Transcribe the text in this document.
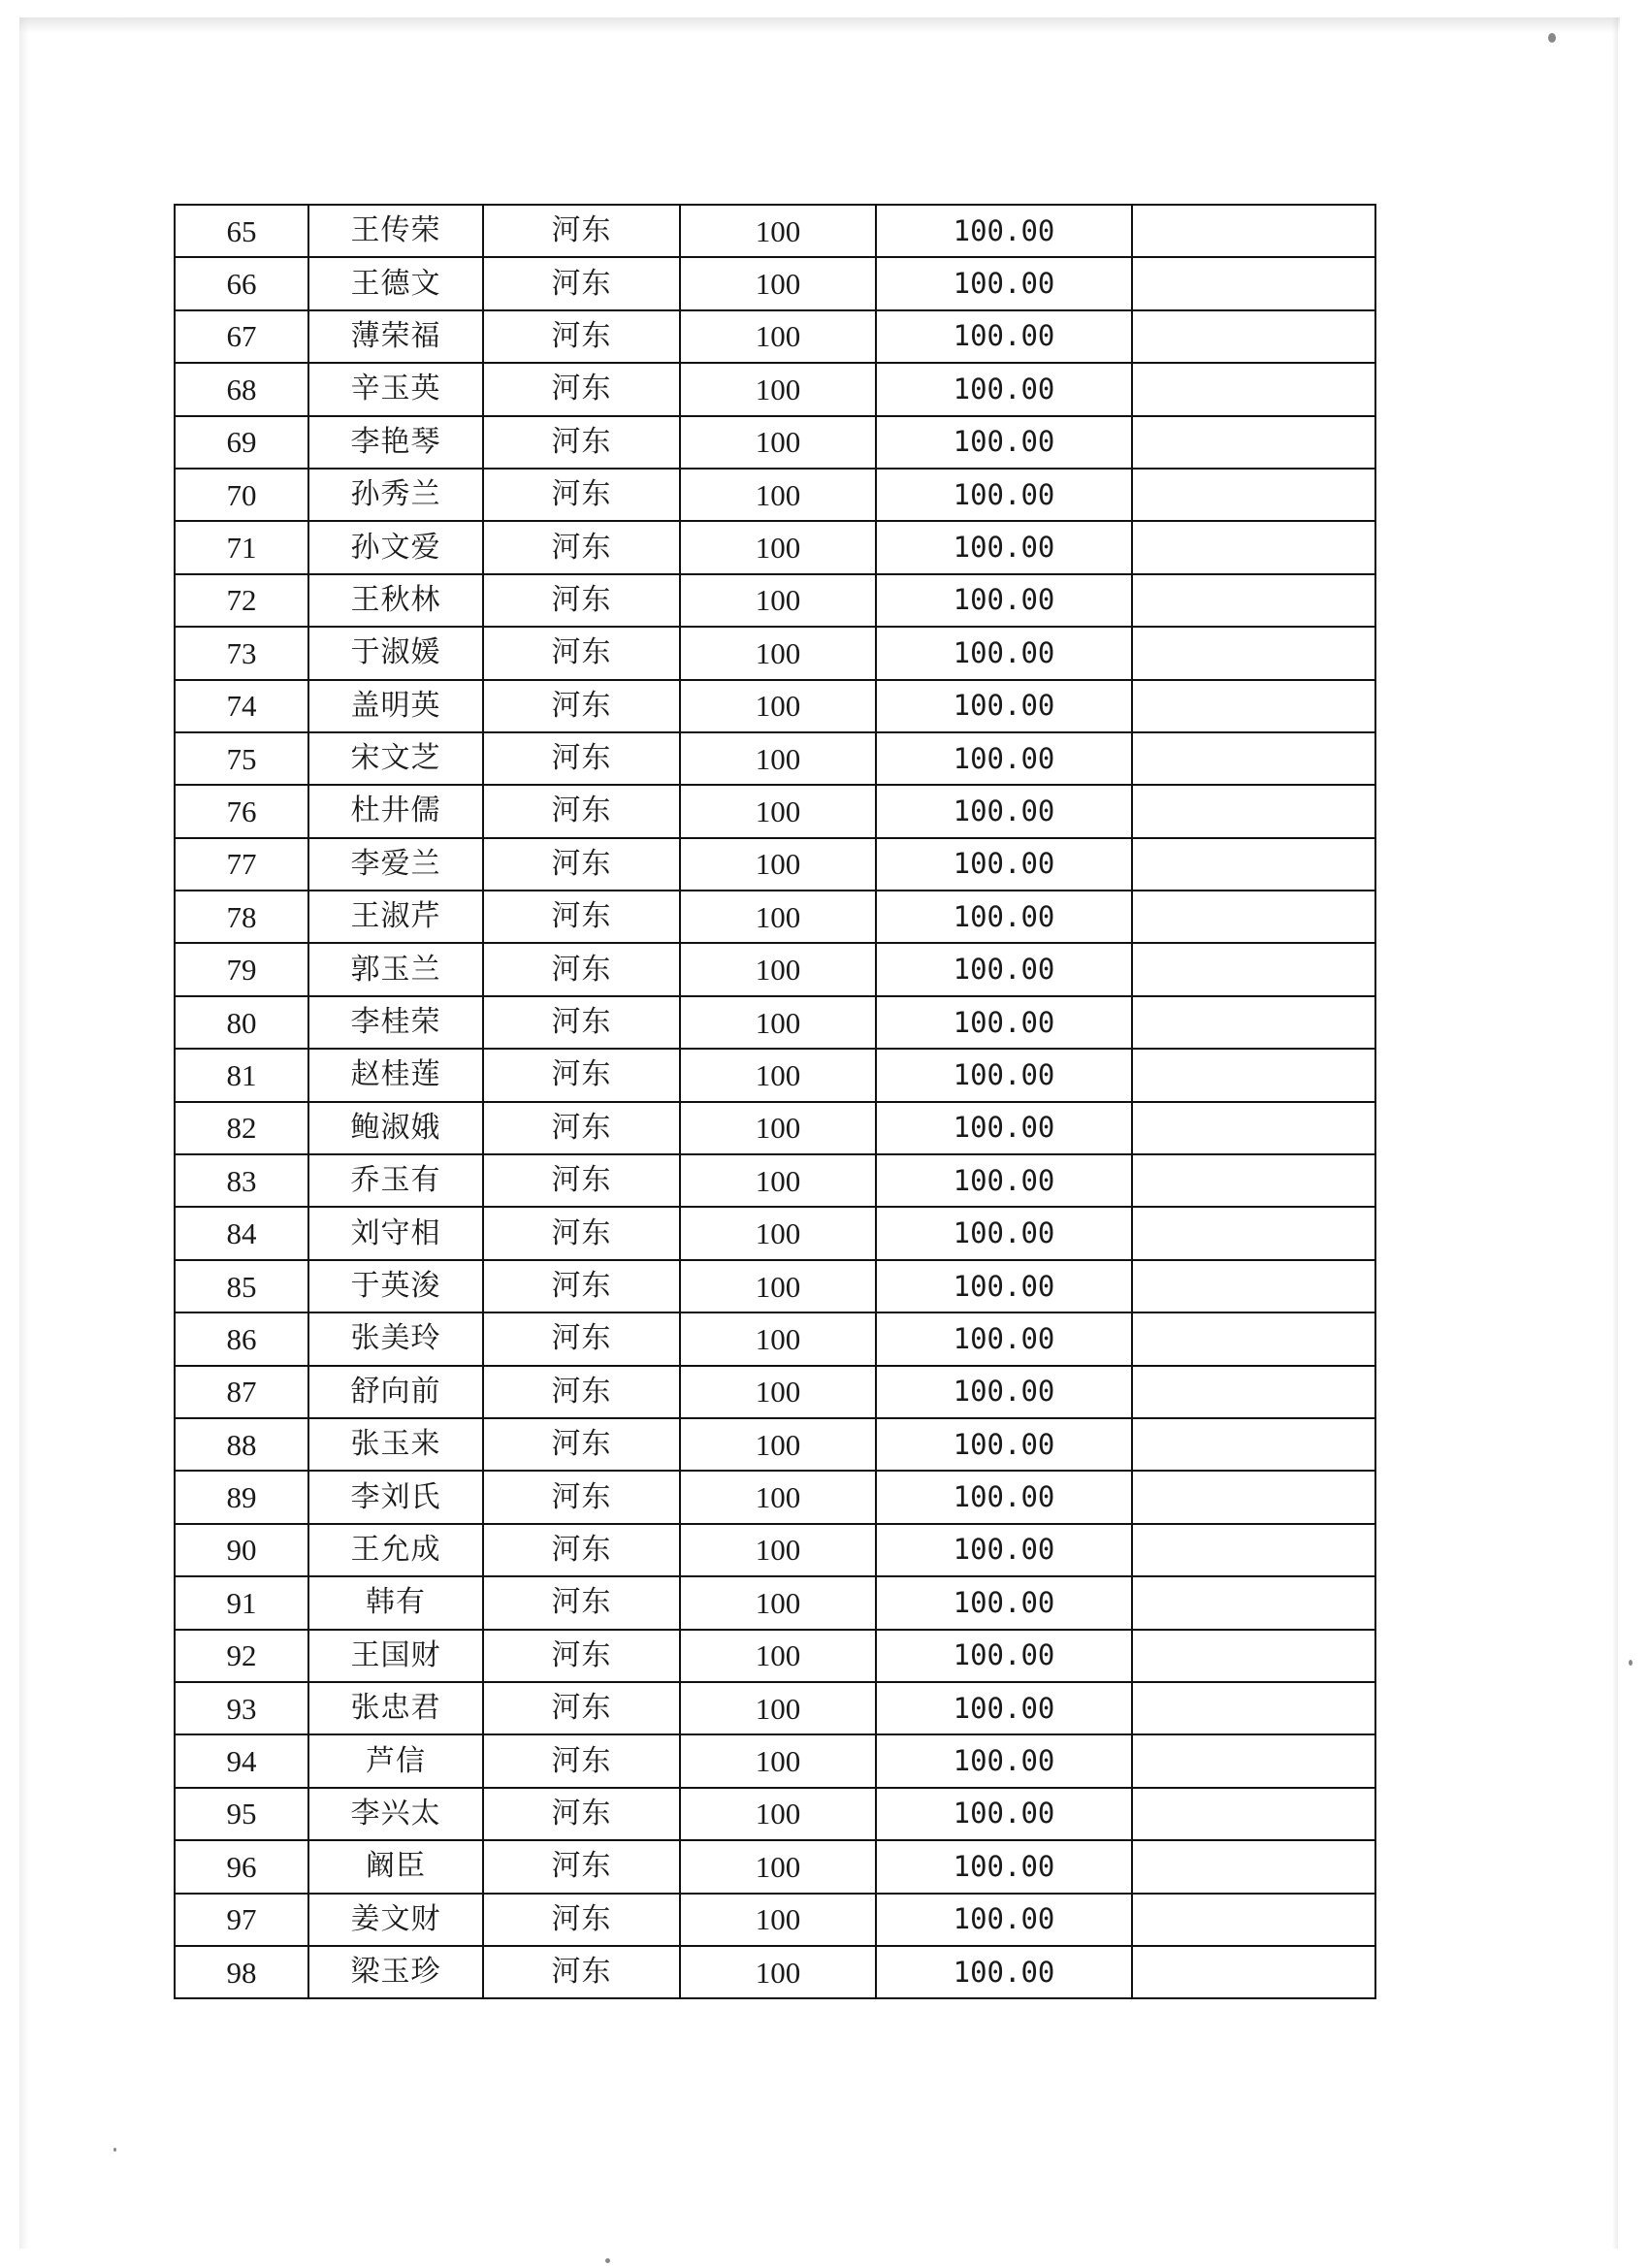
65	王传荣	河东	100	100.00	
66	王德文	河东	100	100.00	
67	薄荣福	河东	100	100.00	
68	辛玉英	河东	100	100.00	
69	李艳琴	河东	100	100.00	
70	孙秀兰	河东	100	100.00	
71	孙文爱	河东	100	100.00	
72	王秋林	河东	100	100.00	
73	于淑媛	河东	100	100.00	
74	盖明英	河东	100	100.00	
75	宋文芝	河东	100	100.00	
76	杜井儒	河东	100	100.00	
77	李爱兰	河东	100	100.00	
78	王淑芹	河东	100	100.00	
79	郭玉兰	河东	100	100.00	
80	李桂荣	河东	100	100.00	
81	赵桂莲	河东	100	100.00	
82	鲍淑娥	河东	100	100.00	
83	乔玉有	河东	100	100.00	
84	刘守相	河东	100	100.00	
85	于英浚	河东	100	100.00	
86	张美玲	河东	100	100.00	
87	舒向前	河东	100	100.00	
88	张玉来	河东	100	100.00	
89	李刘氏	河东	100	100.00	
90	王允成	河东	100	100.00	
91	韩有	河东	100	100.00	
92	王国财	河东	100	100.00	
93	张忠君	河东	100	100.00	
94	芦信	河东	100	100.00	
95	李兴太	河东	100	100.00	
96	阚臣	河东	100	100.00	
97	姜文财	河东	100	100.00	
98	梁玉珍	河东	100	100.00	
